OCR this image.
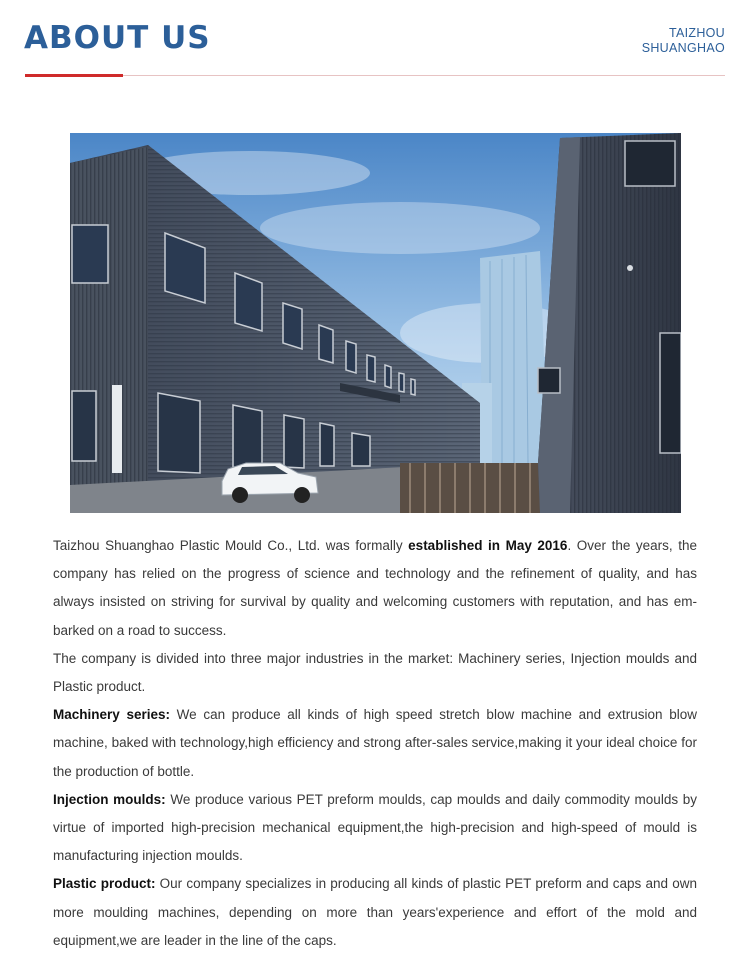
ABOUT US	TAIZHOU
SHUANGHAO

Taizhou Shuanghao Plastic Mould Co., Ltd. was formally established in May 2016. Over the years, the company has relied on the progress of science and technology and the refinement of quality, and has always insisted on striving for survival by quality and welcoming customers with reputation, and has em-barked on a road to success.

The company is divided into three major industries in the market: Machinery series, Injection moulds and Plastic product.

Machinery series: We can produce all kinds of high speed stretch blow machine and extrusion blow machine, baked with technology,high efficiency and strong after-sales service,making it your ideal choice for the production of bottle.

Injection moulds: We produce various PET preform moulds, cap moulds and daily commodity moulds by virtue of imported high-precision mechanical equipment,the high-precision and high-speed of mould is manufacturing injection moulds.

Plastic product: Our company specializes in producing all kinds of plastic PET preform and caps and own more moulding machines, depending on more than years'experience and effort of the mold and equipment,we are leader in the line of the caps.
